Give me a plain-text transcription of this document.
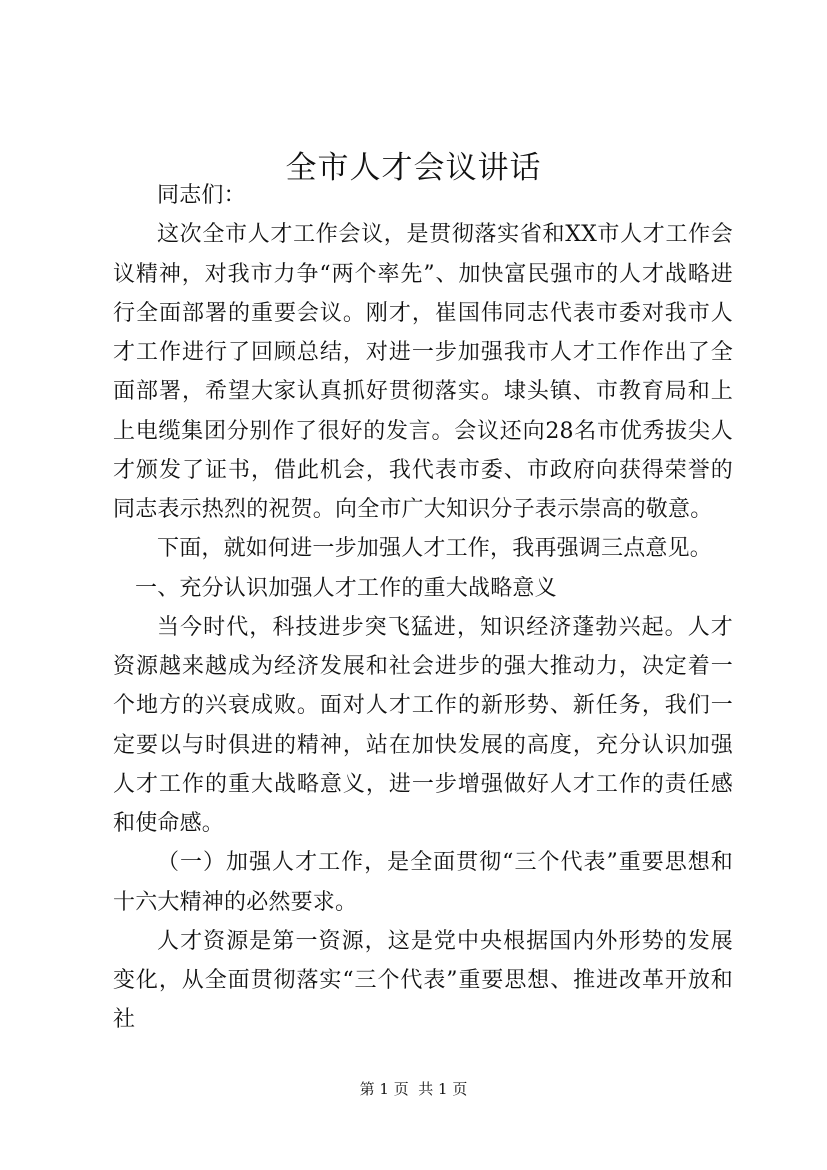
全市人才会议讲话

同志们：

这次全市人才工作会议，是贯彻落实省和XX市人才工作会议精神，对我市力争“两个率先”、加快富民强市的人才战略进行全面部署的重要会议。刚才，崔国伟同志代表市委对我市人才工作进行了回顾总结，对进一步加强我市人才工作作出了全面部署，希望大家认真抓好贯彻落实。埭头镇、市教育局和上上电缆集团分别作了很好的发言。会议还向28名市优秀拔尖人才颁发了证书，借此机会，我代表市委、市政府向获得荣誉的同志表示热烈的祝贺。向全市广大知识分子表示崇高的敬意。

下面，就如何进一步加强人才工作，我再强调三点意见。

一、充分认识加强人才工作的重大战略意义

当今时代，科技进步突飞猛进，知识经济蓬勃兴起。人才资源越来越成为经济发展和社会进步的强大推动力，决定着一个地方的兴衰成败。面对人才工作的新形势、新任务，我们一定要以与时俱进的精神，站在加快发展的高度，充分认识加强人才工作的重大战略意义，进一步增强做好人才工作的责任感和使命感。

（一）加强人才工作，是全面贯彻“三个代表”重要思想和十六大精神的必然要求。

人才资源是第一资源，这是党中央根据国内外形势的发展变化，从全面贯彻落实“三个代表”重要思想、推进改革开放和社

第 1 页  共 1 页
